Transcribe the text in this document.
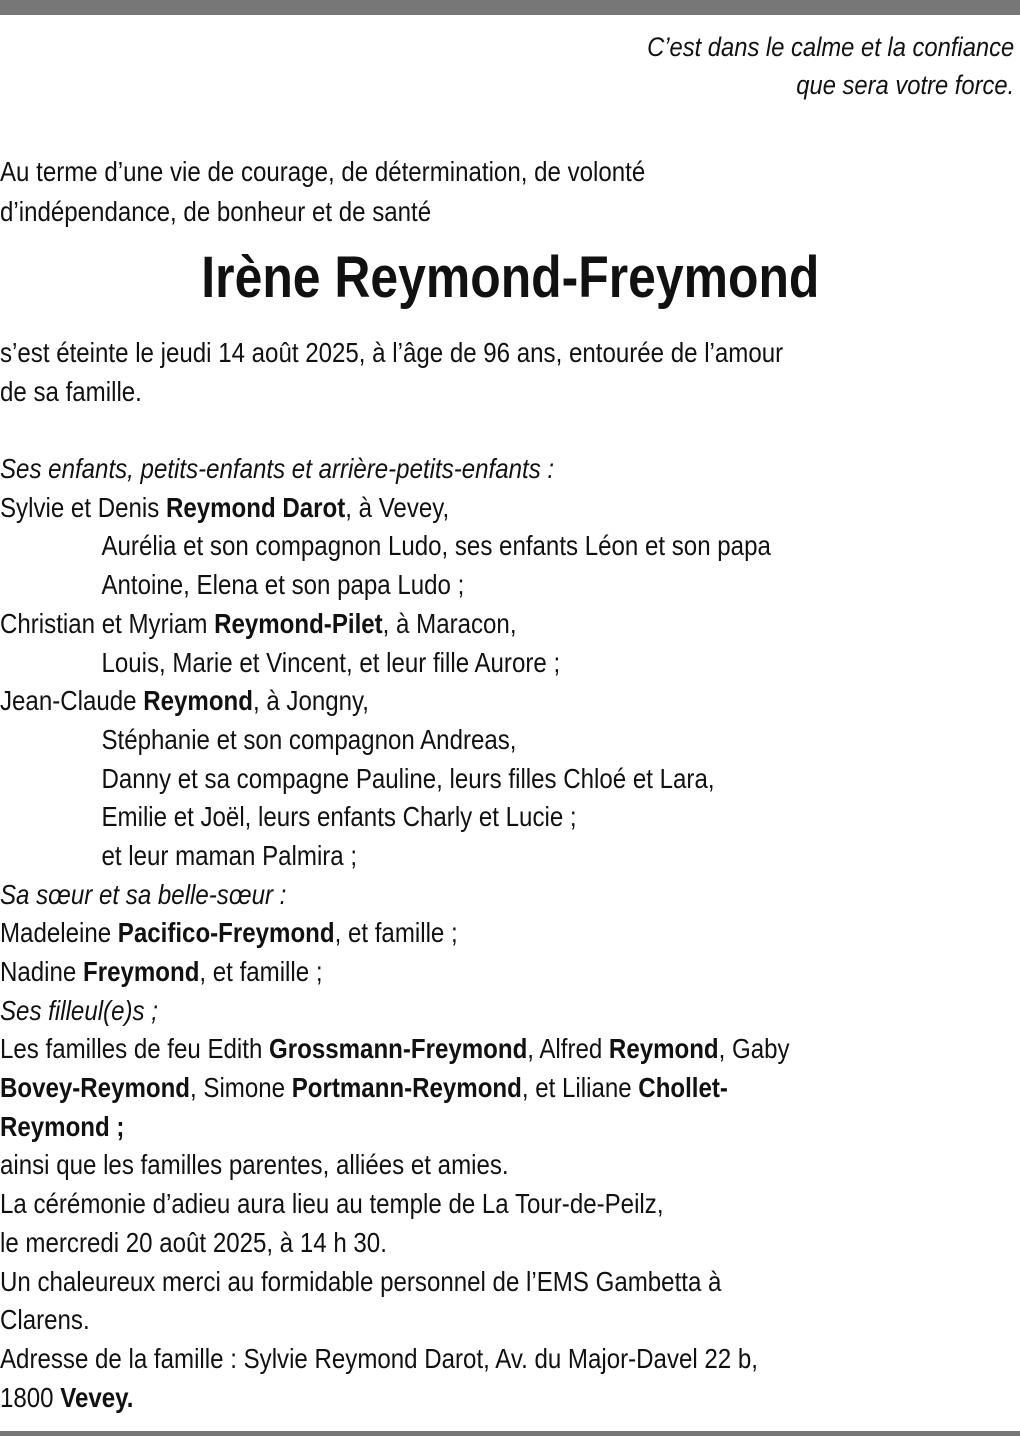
C’est dans le calme et la confiance
que sera votre force.
Au terme d’une vie de courage, de détermination, de volonté
d’indépendance, de bonheur et de santé
Irène Reymond-Freymond
s’est éteinte le jeudi 14 août 2025, à l’âge de 96 ans, entourée de l’amour
de sa famille.
Ses enfants, petits-enfants et arrière-petits-enfants :
Sylvie et Denis Reymond Darot, à Vevey,
Aurélia et son compagnon Ludo, ses enfants Léon et son papa
Antoine, Elena et son papa Ludo ;
Christian et Myriam Reymond-Pilet, à Maracon,
Louis, Marie et Vincent, et leur fille Aurore ;
Jean-Claude Reymond, à Jongny,
Stéphanie et son compagnon Andreas,
Danny et sa compagne Pauline, leurs filles Chloé et Lara,
Emilie et Joël, leurs enfants Charly et Lucie ;
et leur maman Palmira ;
Sa sœur et sa belle-sœur :
Madeleine Pacifico-Freymond, et famille ;
Nadine Freymond, et famille ;
Ses filleul(e)s ;
Les familles de feu Edith Grossmann-Freymond, Alfred Reymond, Gaby
Bovey-Reymond, Simone Portmann-Reymond, et Liliane Chollet-
Reymond ;
ainsi que les familles parentes, alliées et amies.
La cérémonie d’adieu aura lieu au temple de La Tour-de-Peilz,
le mercredi 20 août 2025, à 14 h 30.
Un chaleureux merci au formidable personnel de l’EMS Gambetta à
Clarens.
Adresse de la famille : Sylvie Reymond Darot, Av. du Major-Davel 22 b,
1800 Vevey.
